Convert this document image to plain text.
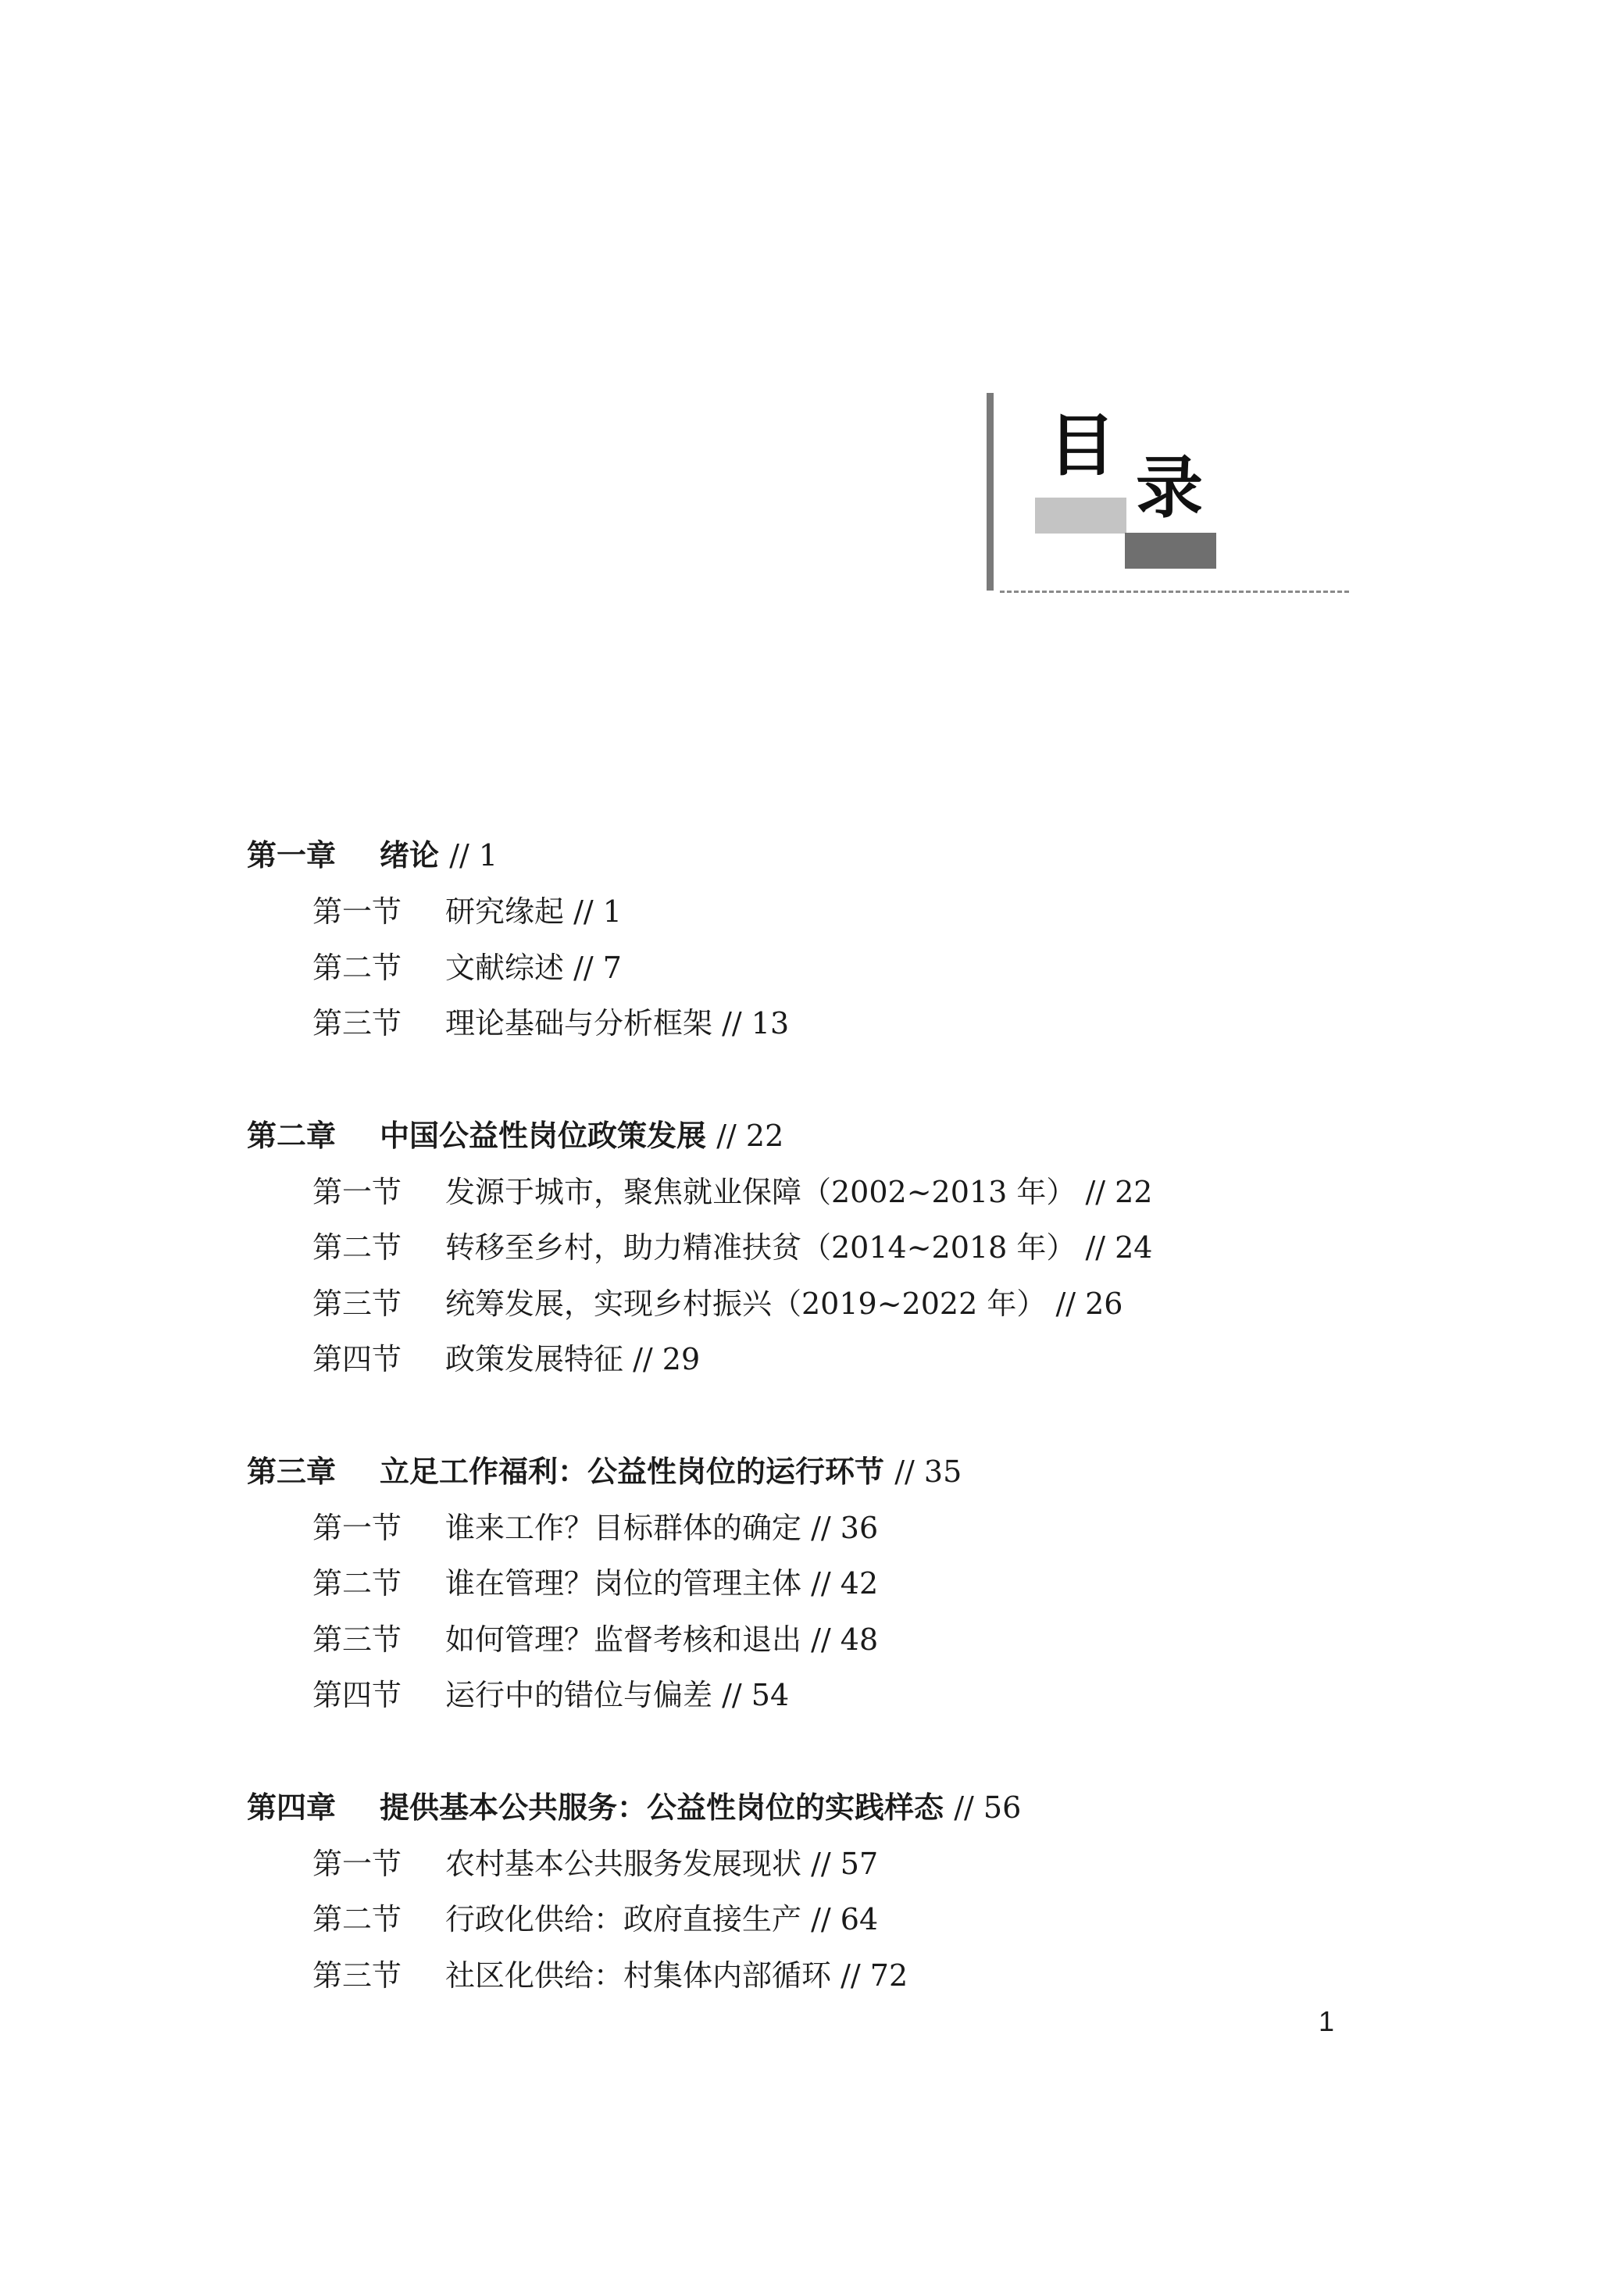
目
录
第一章 绪论 // 1
第一节 研究缘起 // 1
第二节 文献综述 // 7
第三节 理论基础与分析框架 // 13
第二章 中国公益性岗位政策发展 // 22
第一节 发源于城市，聚焦就业保障（2002~2013 年） // 22
第二节 转移至乡村，助力精准扶贫（2014~2018 年） // 24
第三节 统筹发展，实现乡村振兴（2019~2022 年） // 26
第四节 政策发展特征 // 29
第三章 立足工作福利：公益性岗位的运行环节 // 35
第一节 谁来工作？目标群体的确定 // 36
第二节 谁在管理？岗位的管理主体 // 42
第三节 如何管理？监督考核和退出 // 48
第四节 运行中的错位与偏差 // 54
第四章 提供基本公共服务：公益性岗位的实践样态 // 56
第一节 农村基本公共服务发展现状 // 57
第二节 行政化供给：政府直接生产 // 64
第三节 社区化供给：村集体内部循环 // 72
1
